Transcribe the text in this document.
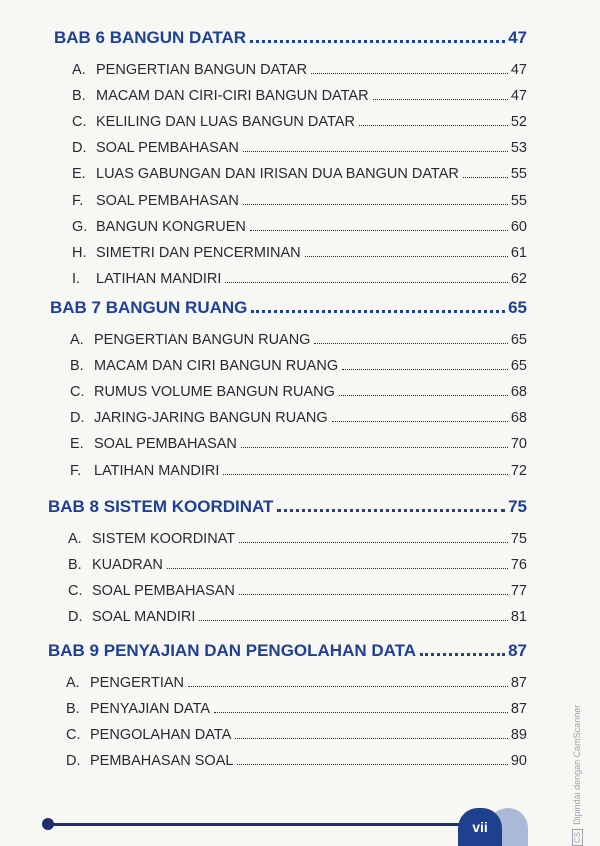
BAB 6 BANGUN DATAR	47
A. PENGERTIAN BANGUN DATAR	47
B. MACAM DAN CIRI-CIRI BANGUN DATAR	47
C. KELILING DAN LUAS BANGUN DATAR	52
D. SOAL PEMBAHASAN	53
E. LUAS GABUNGAN DAN IRISAN DUA BANGUN DATAR	55
F. SOAL PEMBAHASAN	55
G. BANGUN KONGRUEN	60
H. SIMETRI DAN PENCERMINAN	61
I. LATIHAN MANDIRI	62
BAB 7 BANGUN RUANG	65
A. PENGERTIAN BANGUN RUANG	65
B. MACAM DAN CIRI BANGUN RUANG	65
C. RUMUS VOLUME BANGUN RUANG	68
D. JARING-JARING BANGUN RUANG	68
E. SOAL PEMBAHASAN	70
F. LATIHAN MANDIRI	72
BAB 8 SISTEM KOORDINAT	75
A. SISTEM KOORDINAT	75
B. KUADRAN	76
C. SOAL PEMBAHASAN	77
D. SOAL MANDIRI	81
BAB 9 PENYAJIAN DAN PENGOLAHAN DATA	87
A. PENGERTIAN	87
B. PENYAJIAN DATA	87
C. PENGOLAHAN DATA	89
D. PEMBAHASAN SOAL	90
vii
CSDipindai dengan CamScanner
